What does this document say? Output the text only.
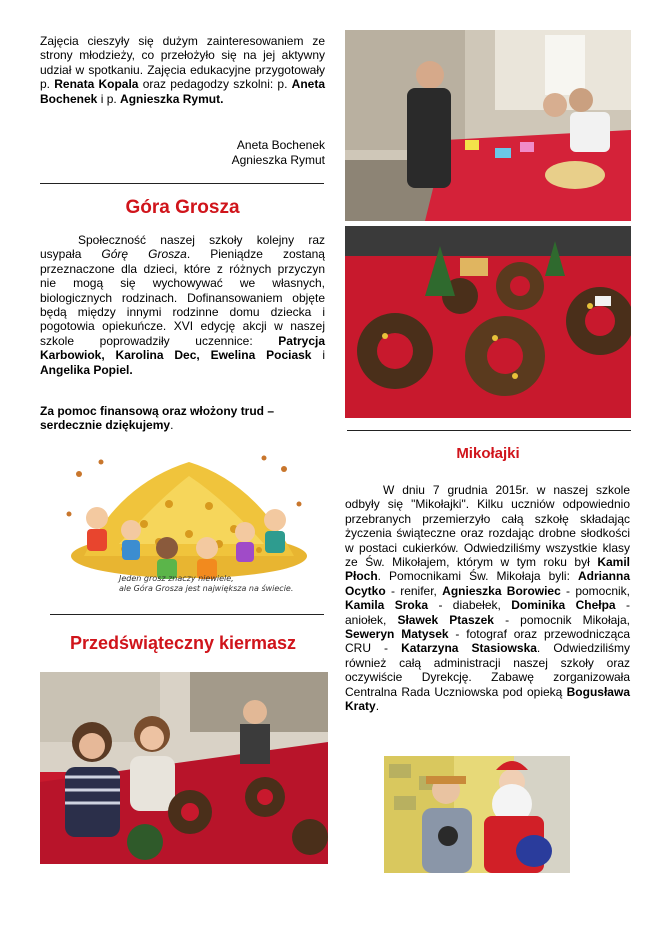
Zajęcia cieszyły się dużym zainteresowaniem ze strony młodzieży, co przełożyło się na jej aktywny udział w spotkaniu. Zajęcia edukacyjne przygotowały p. Renata Kopala oraz pedagodzy szkolni: p. Aneta Bochenek i p. Agnieszka Rymut.
Aneta Bochenek
Agnieszka Rymut
Góra Grosza
Społeczność naszej szkoły kolejny raz usypała Górę Grosza. Pieniądze zostaną przeznaczone dla dzieci, które z różnych przyczyn nie mogą się wychowywać we własnych, biologicznych rodzinach. Dofinansowaniem objęte będą między innymi rodzinne domu dziecka i pogotowia opiekuńcze. XVI edycję akcji w naszej szkole poprowadziły uczennice: Patrycja Karbowiok, Karolina Dec, Ewelina Pociask i Angelika Popiel.
Za pomoc finansową oraz włożony trud – serdecznie dziękujemy.
Jeden grosz znaczy niewiele,
ale Góra Grosza jest największa na świecie.
Przedświąteczny kiermasz
Mikołajki
W dniu 7 grudnia 2015r. w naszej szkole odbyły się "Mikołajki". Kilku uczniów odpowiednio przebranych przemierzyło całą szkołę składając życzenia świąteczne oraz rozdając drobne słodkości w postaci cukierków. Odwiedziliśmy wszystkie klasy ze Św. Mikołajem, którym w tym roku był Kamil Płoch. Pomocnikami Św. Mikołaja byli: Adrianna Ocytko - renifer, Agnieszka Borowiec - pomocnik, Kamila Sroka - diabełek, Dominika Chełpa - aniołek, Sławek Ptaszek - pomocnik Mikołaja, Seweryn Matysek - fotograf oraz przewodnicząca CRU - Katarzyna Stasiowska. Odwiedziliśmy również całą administracji naszej szkoły oraz oczywiście Dyrekcję. Zabawę zorganizowała Centralna Rada Uczniowska pod opieką Bogusława Kraty.
